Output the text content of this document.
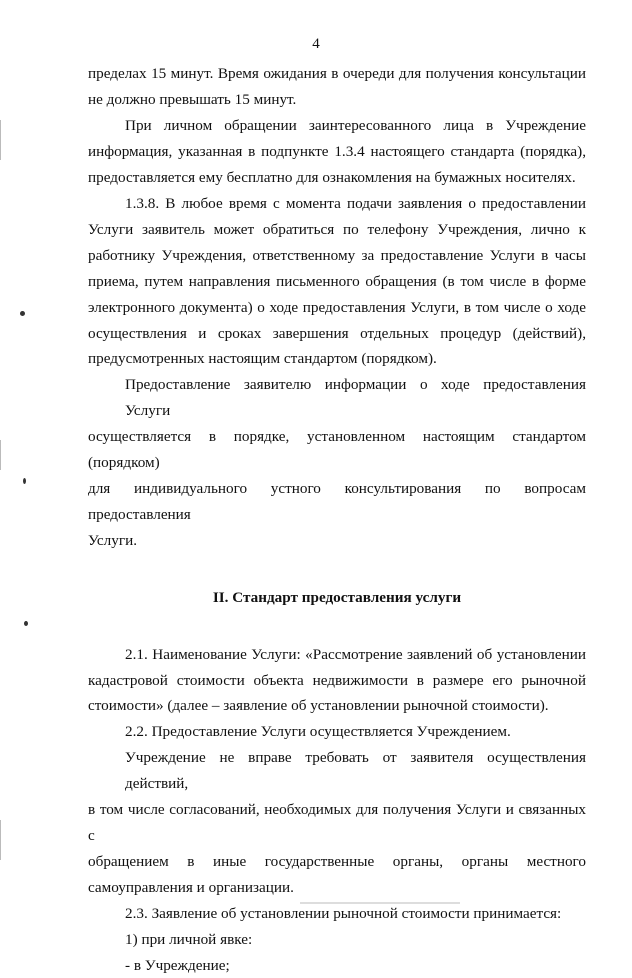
4

пределах 15 минут. Время ожидания в очереди для получения консультации
не должно превышать 15 минут.

При личном обращении заинтересованного лица в Учреждение
информация, указанная в подпункте 1.3.4 настоящего стандарта (порядка),
предоставляется ему бесплатно для ознакомления на бумажных носителях.

1.3.8. В любое время с момента подачи заявления о предоставлении
Услуги заявитель может обратиться по телефону Учреждения, лично к
работнику Учреждения, ответственному за предоставление Услуги в часы
приема, путем направления письменного обращения (в том числе в форме
электронного документа) о ходе предоставления Услуги, в том числе о ходе
осуществления и сроках завершения отдельных процедур (действий),
предусмотренных настоящим стандартом (порядком).

Предоставление заявителю информации о ходе предоставления Услуги
осуществляется в порядке, установленном настоящим стандартом (порядком)
для индивидуального устного консультирования по вопросам предоставления
Услуги.

II. Стандарт предоставления услуги

2.1. Наименование Услуги: «Рассмотрение заявлений об установлении
кадастровой стоимости объекта недвижимости в размере его рыночной
стоимости» (далее – заявление об установлении рыночной стоимости).

2.2. Предоставление Услуги осуществляется Учреждением.

Учреждение не вправе требовать от заявителя осуществления действий,
в том числе согласований, необходимых для получения Услуги и связанных с
обращением в иные государственные органы, органы местного
самоуправления и организации.

2.3. Заявление об установлении рыночной стоимости принимается:

1) при личной явке:

- в Учреждение;
